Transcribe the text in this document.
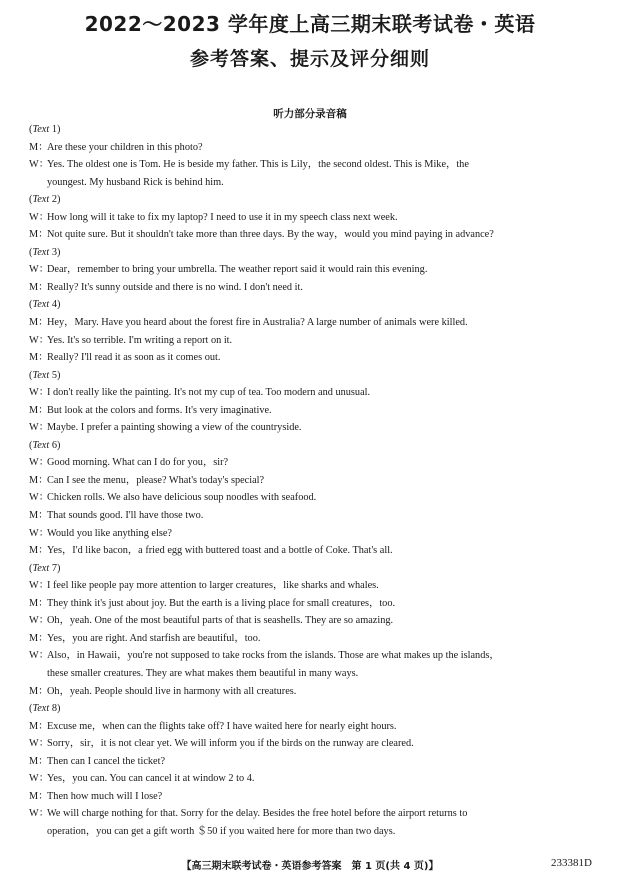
2022～2023 学年度上高三期末联考试卷・英语
参考答案、提示及评分细则
听力部分录音稿
( Text
1 )
M：
Are these your children in this photo?
W：
Yes. The oldest one is Tom. He is beside my father. This is Lily，the second oldest. This is Mike，the
youngest. My husband Rick is behind him.
( Text
2 )
W：
How long will it take to fix my laptop? I need to use it in my speech class next week.
M：
Not quite sure. But it shouldn't take more than three days. By the way，would you mind paying in advance?
( Text
3 )
W：
Dear，remember to bring your umbrella. The weather report said it would rain this evening.
M：
Really? It's sunny outside and there is no wind. I don't need it.
( Text
4 )
M：
Hey，Mary. Have you heard about the forest fire in Australia? A large number of animals were killed.
W：
Yes. It's so terrible. I'm writing a report on it.
M：
Really? I'll read it as soon as it comes out.
( Text
5 )
W：
I don't really like the painting. It's not my cup of tea. Too modern and unusual.
M：
But look at the colors and forms. It's very imaginative.
W：
Maybe. I prefer a painting showing a view of the countryside.
( Text
6 )
W：
Good morning. What can I do for you，sir?
M：
Can I see the menu，please? What's today's special?
W：
Chicken rolls. We also have delicious soup noodles with seafood.
M：
That sounds good. I'll have those two.
W：
Would you like anything else?
M：
Yes，I'd like bacon，a fried egg with buttered toast and a bottle of Coke. That's all.
( Text
7 )
W：
I feel like people pay more attention to larger creatures，like sharks and whales.
M：
They think it's just about joy. But the earth is a living place for small creatures，too.
W：
Oh，yeah. One of the most beautiful parts of that is seashells. They are so amazing.
M：
Yes，you are right. And starfish are beautiful，too.
W：
Also，in Hawaii，you're not supposed to take rocks from the islands. Those are what makes up the islands，
these smaller creatures. They are what makes them beautiful in many ways.
M：
Oh，yeah. People should live in harmony with all creatures.
( Text
8 )
M：
Excuse me，when can the flights take off? I have waited here for nearly eight hours.
W：
Sorry，sir，it is not clear yet. We will inform you if the birds on the runway are cleared.
M：
Then can I cancel the ticket?
W：
Yes，you can. You can cancel it at window 2 to 4.
M：
Then how much will I lose?
W：
We will charge nothing for that. Sorry for the delay. Besides the free hotel before the airport returns to
operation，you can get a gift worth ＄50 if you waited here for more than two days.
【高三期末联考试卷・英语参考答案　第 1 页(共 4 页)】	233381D
